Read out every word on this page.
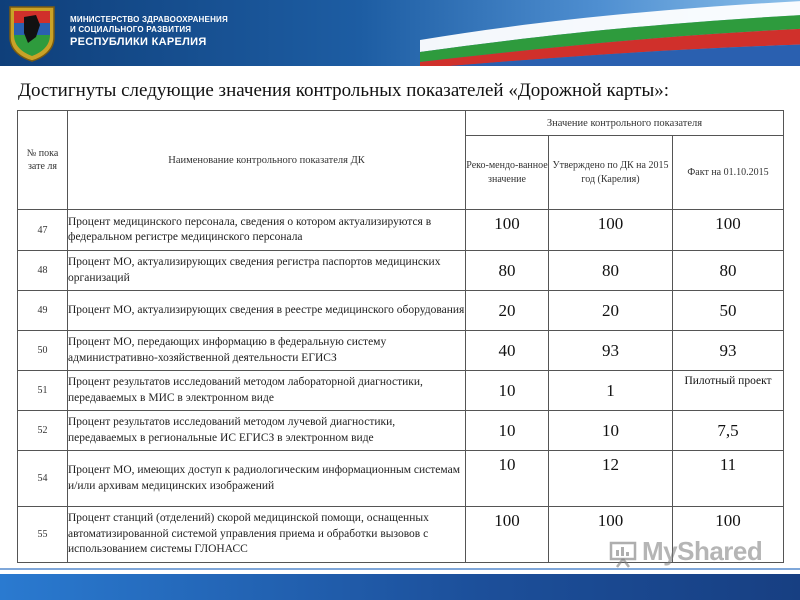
МИНИСТЕРСТВО ЗДРАВООХРАНЕНИЯ
И СОЦИАЛЬНОГО РАЗВИТИЯ
РЕСПУБЛИКИ КАРЕЛИЯ
Достигнуты следующие значения контрольных показателей «Дорожной карты»:
№ пока зате ля	Наименование контрольного показателя ДК	Значение контрольного показателя		
		Реко-мендо-ванное значение	Утверждено по ДК на 2015 год (Карелия)	Факт на 01.10.2015
47	Процент медицинского персонала, сведения о котором актуализируются в федеральном регистре медицинского персонала	100	100	100
48	Процент МО, актуализирующих сведения регистра паспортов медицинских организаций	80	80	80
49	Процент МО, актуализирующих сведения в реестре медицинского оборудования	20	20	50
50	Процент МО, передающих информацию в федеральную систему административно-хозяйственной деятельности ЕГИСЗ	40	93	93
51	Процент результатов исследований методом лабораторной диагностики, передаваемых в МИС в электронном виде	10	1	Пилотный проект
52	Процент результатов исследований методом лучевой диагностики, передаваемых в региональные ИС ЕГИСЗ в электронном виде	10	10	7,5
54	Процент МО, имеющих доступ к радиологическим информационным системам и/или архивам медицинских изображений	10	12	11
55	Процент станций (отделений) скорой медицинской помощи, оснащенных автоматизированной системой управления приема и обработки вызовов с использованием системы ГЛОНАСС	100	100	100
MyShared
